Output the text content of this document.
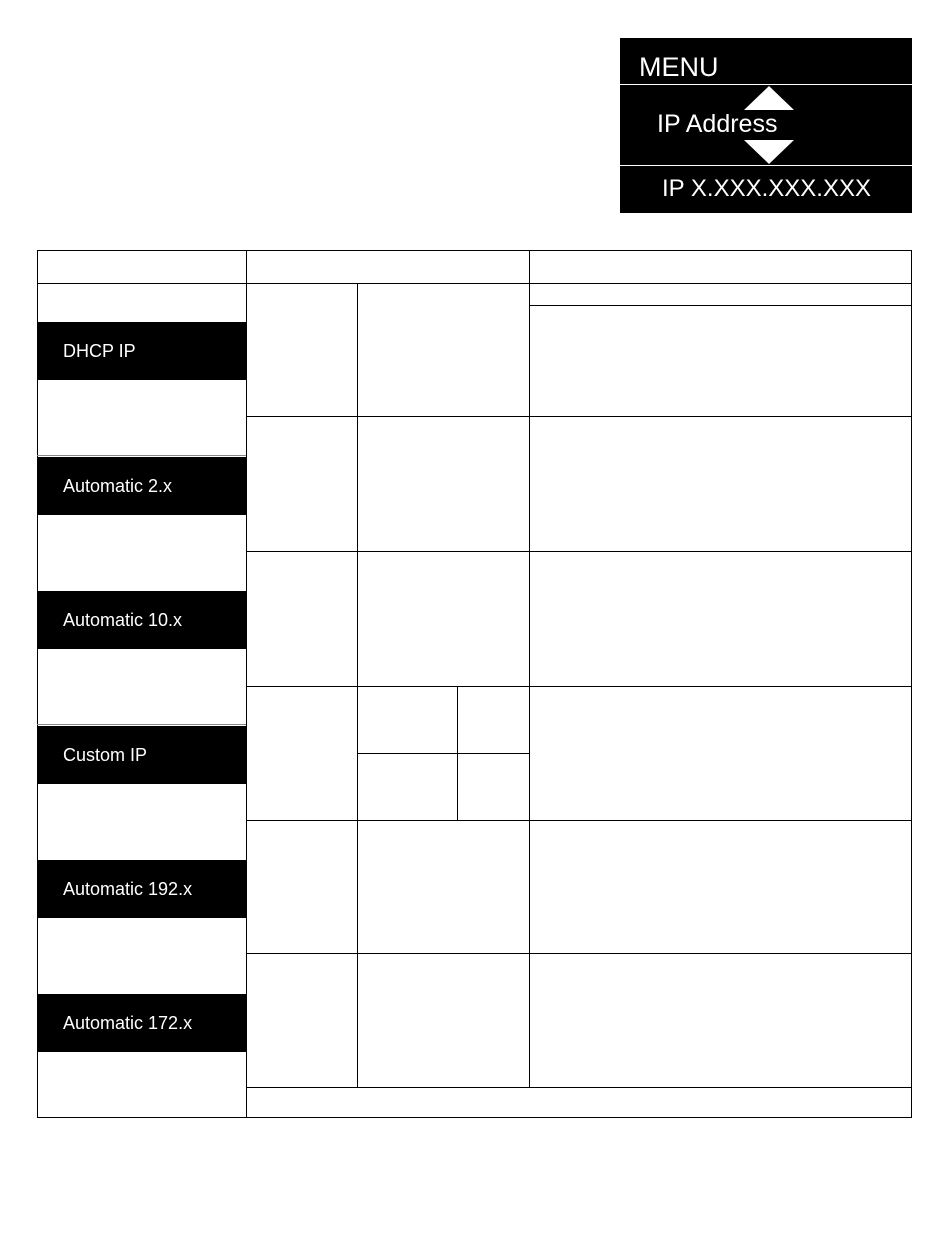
MENU
IP Address
IP X.XXX.XXX.XXX
DHCP IP
Automatic 2.x
Automatic 10.x
Custom IP
Automatic 192.x
Automatic 172.x
